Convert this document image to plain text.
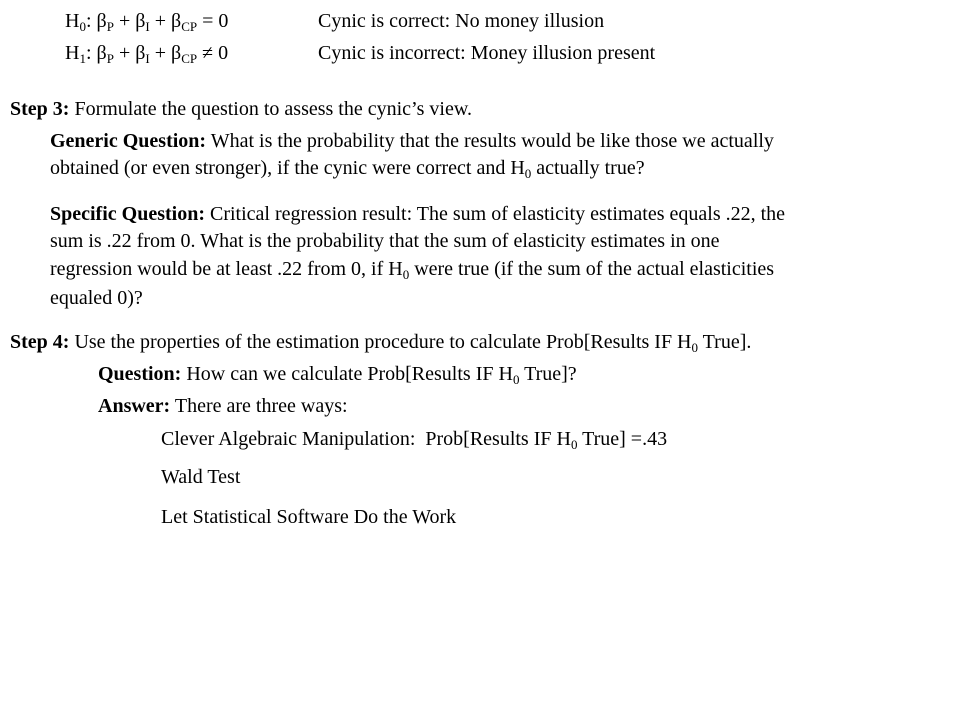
$H_0$: $\beta_P + \beta_I + \beta_{CP} = 0$	Cynic is correct: No money illusion
$H_1$: $\beta_P + \beta_I + \beta_{CP} \ne 0$	Cynic is incorrect: Money illusion present
Step 3: Formulate the question to assess the cynic’s view.
Generic Question: What is the probability that the results would be like those we actually
obtained (or even stronger), if the cynic were correct and $H_0$ actually true?
Specific Question: Critical regression result: The sum of elasticity estimates equals .22, the
sum is .22 from 0. What is the probability that the sum of elasticity estimates in one
regression would be at least .22 from 0, if $H_0$ were true (if the sum of the actual elasticities
equaled 0)?
Step 4: Use the properties of the estimation procedure to calculate Prob[Results IF $H_0$ True].
Question: How can we calculate Prob[Results IF $H_0$ True]?
Answer: There are three ways:
Clever Algebraic Manipulation:  Prob[Results IF $H_0$ True] =.43
Wald Test
Let Statistical Software Do the Work
